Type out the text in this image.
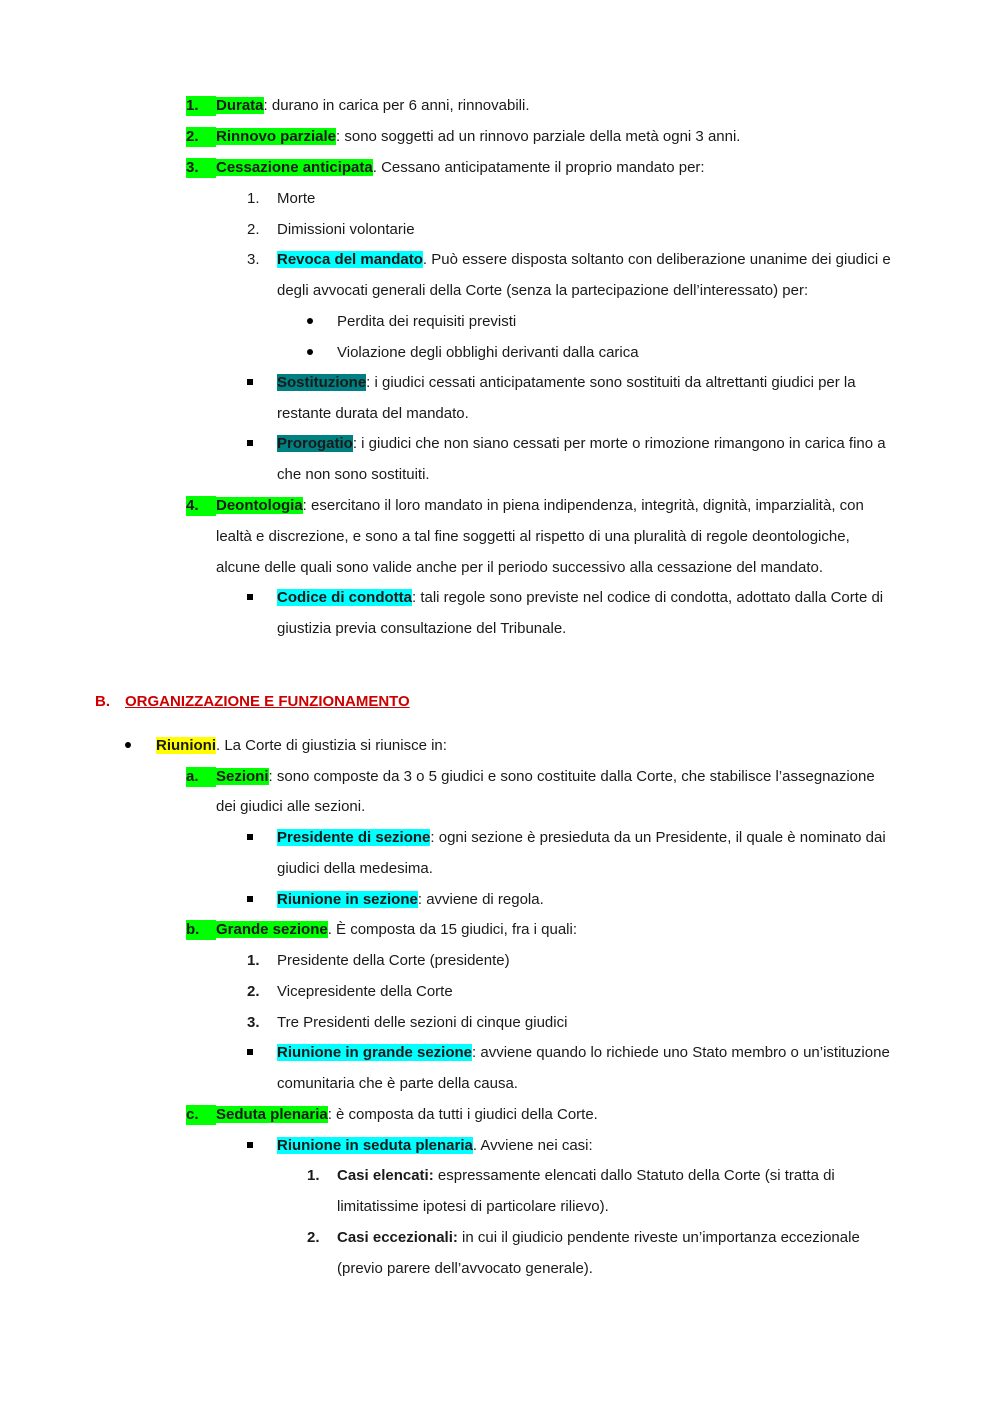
1. Durata: durano in carica per 6 anni, rinnovabili.
2. Rinnovo parziale: sono soggetti ad un rinnovo parziale della metà ogni 3 anni.
3. Cessazione anticipata. Cessano anticipatamente il proprio mandato per:
1. Morte
2. Dimissioni volontarie
3. Revoca del mandato. Può essere disposta soltanto con deliberazione unanime dei giudici e
degli avvocati generali della Corte (senza la partecipazione dell’interessato) per:
Perdita dei requisiti previsti
Violazione degli obblighi derivanti dalla carica
Sostituzione: i giudici cessati anticipatamente sono sostituiti da altrettanti giudici per la
restante durata del mandato.
Prorogatio: i giudici che non siano cessati per morte o rimozione rimangono in carica fino a
che non sono sostituiti.
4. Deontologia: esercitano il loro mandato in piena indipendenza, integrità, dignità, imparzialità, con
lealtà e discrezione, e sono a tal fine soggetti al rispetto di una pluralità di regole deontologiche,
alcune delle quali sono valide anche per il periodo successivo alla cessazione del mandato.
Codice di condotta: tali regole sono previste nel codice di condotta, adottato dalla Corte di
giustizia previa consultazione del Tribunale.
B. ORGANIZZAZIONE E FUNZIONAMENTO
Riunioni. La Corte di giustizia si riunisce in:
a. Sezioni: sono composte da 3 o 5 giudici e sono costituite dalla Corte, che stabilisce l’assegnazione
dei giudici alle sezioni.
Presidente di sezione: ogni sezione è presieduta da un Presidente, il quale è nominato dai
giudici della medesima.
Riunione in sezione: avviene di regola.
b. Grande sezione. È composta da 15 giudici, fra i quali:
1. Presidente della Corte (presidente)
2. Vicepresidente della Corte
3. Tre Presidenti delle sezioni di cinque giudici
Riunione in grande sezione: avviene quando lo richiede uno Stato membro o un’istituzione
comunitaria che è parte della causa.
c. Seduta plenaria: è composta da tutti i giudici della Corte.
Riunione in seduta plenaria. Avviene nei casi:
1. Casi elencati: espressamente elencati dallo Statuto della Corte (si tratta di
limitatissime ipotesi di particolare rilievo).
2. Casi eccezionali: in cui il giudicio pendente riveste un’importanza eccezionale
(previo parere dell’avvocato generale).
